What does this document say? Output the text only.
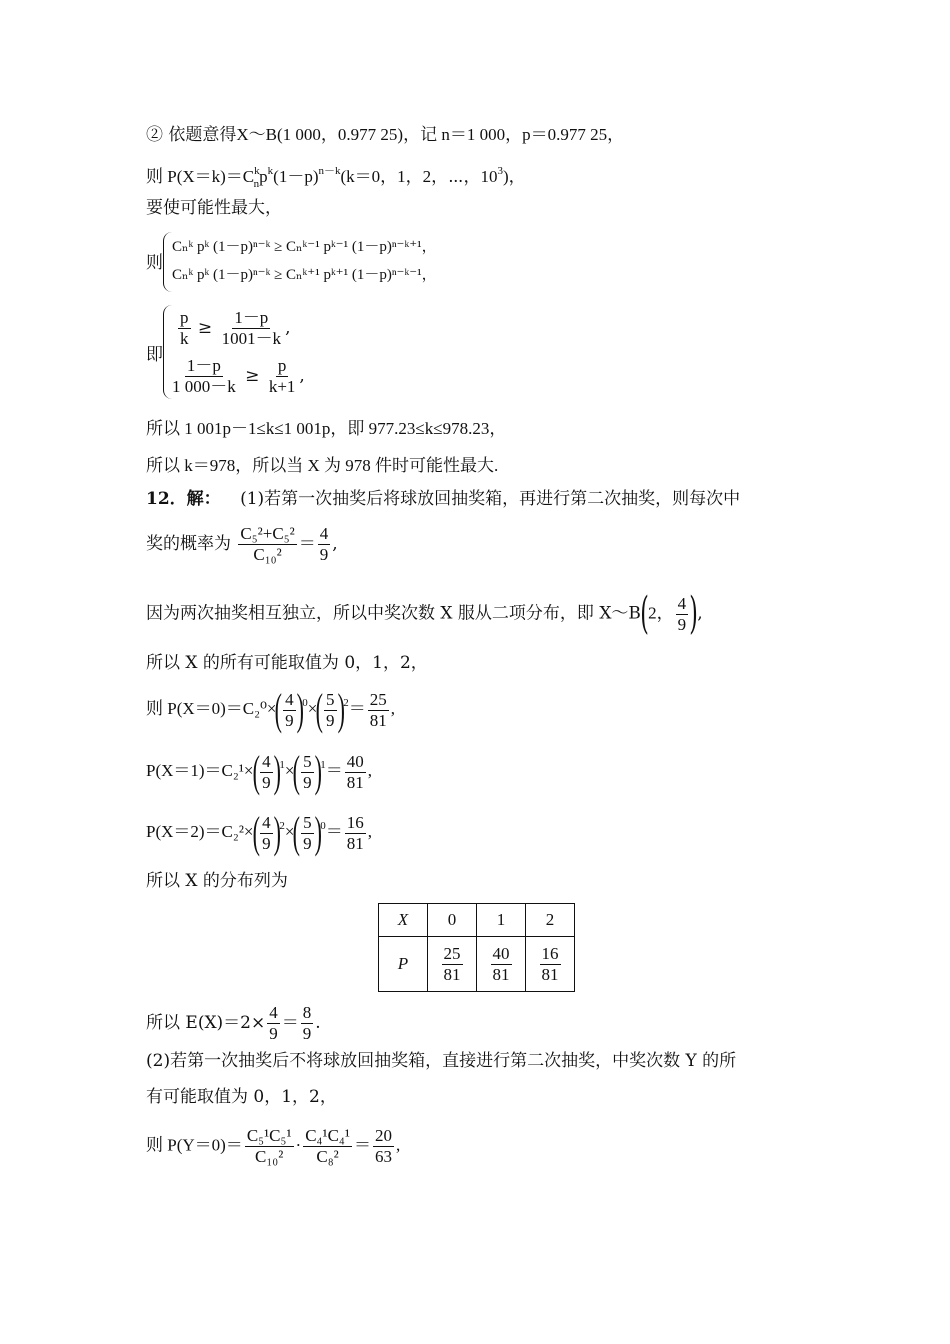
② 依题意得X～B(1 000，0.977 25)，记 n＝1 000，p＝0.977 25，
则 $P(X=k)=C^k_np^k(1-p)^{n-k}(k=0$，1，2，⋯，$10^3$)，
要使可能性最大，
则
Cₙᵏ pᵏ (1－p)ⁿ⁻ᵏ ≥ Cₙᵏ⁻¹ pᵏ⁻¹ (1－p)ⁿ⁻ᵏ⁺¹，
Cₙᵏ pᵏ (1－p)ⁿ⁻ᵏ ≥ Cₙᵏ⁺¹ pᵏ⁺¹ (1－p)ⁿ⁻ᵏ⁻¹，
即
$\frac{p}{k} \ge \frac{1-p}{1001-k}$ ,
$\frac{1-p}{1 000-k} \ge \frac{p}{k+1}$ ,
所以 1 001p－1≤k≤1 001p，即 977.23≤k≤978.23，
所以 k＝978，所以当 X 为 978 件时可能性最大.
12．解： (1)若第一次抽奖后将球放回抽奖箱，再进行第二次抽奖，则每次中
奖的概率为 $\frac{\text{C₅²+C₅²}}{\text{C₁₀²}} = \frac{4}{9}$ ,
因为两次抽奖相互独立，所以中奖次数 X 服从二项分布，即 X～B(2， $\frac{4}{9}$ ),
所以 X 的所有可能取值为 0，1，2，
则 $P(X=0)=C_2^0\times( \frac{4}{9} )^0\times( \frac{5}{9} )^2= \frac{25}{81}$ ,
$P(X=1)=C_2^1\times( \frac{4}{9} )^1\times( \frac{5}{9} )^1= \frac{40}{81}$ ,
$P(X=2)=C_2^2\times( \frac{4}{9} )^2\times( \frac{5}{9} )^0= \frac{16}{81}$ ,
所以 X 的分布列为
X	0	1	2
P	$\frac{25}{81}$	$\frac{40}{81}$	$\frac{16}{81}$
所以 $E(X)=2\times \frac{4}{9} = \frac{8}{9}$ .
(2)若第一次抽奖后不将球放回抽奖箱，直接进行第二次抽奖，中奖次数 Y 的所
有可能取值为 0，1，2，
则 $P(Y=0)= \frac{\text{C₅¹C₅¹}}{\text{C₁₀²}} \cdot \frac{\text{C₄¹C₄¹}}{\text{C₈²}} = \frac{20}{63}$ ,
